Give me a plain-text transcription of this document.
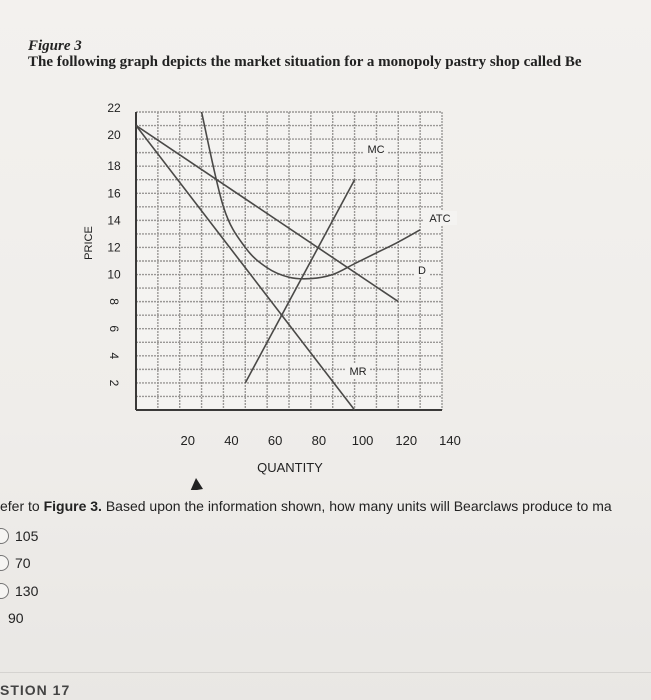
Figure 3
The following graph depicts the market situation for a monopoly pastry shop called Be
20 40 60 80 100 120 140
2
4
6
8
10
12
14
16
18
20
22
QUANTITY
PRICE
MC
ATC
D
MR
efer to Figure 3. Based upon the information shown, how many units will Bearclaws produce to ma
105
70
130
90
STION 17
